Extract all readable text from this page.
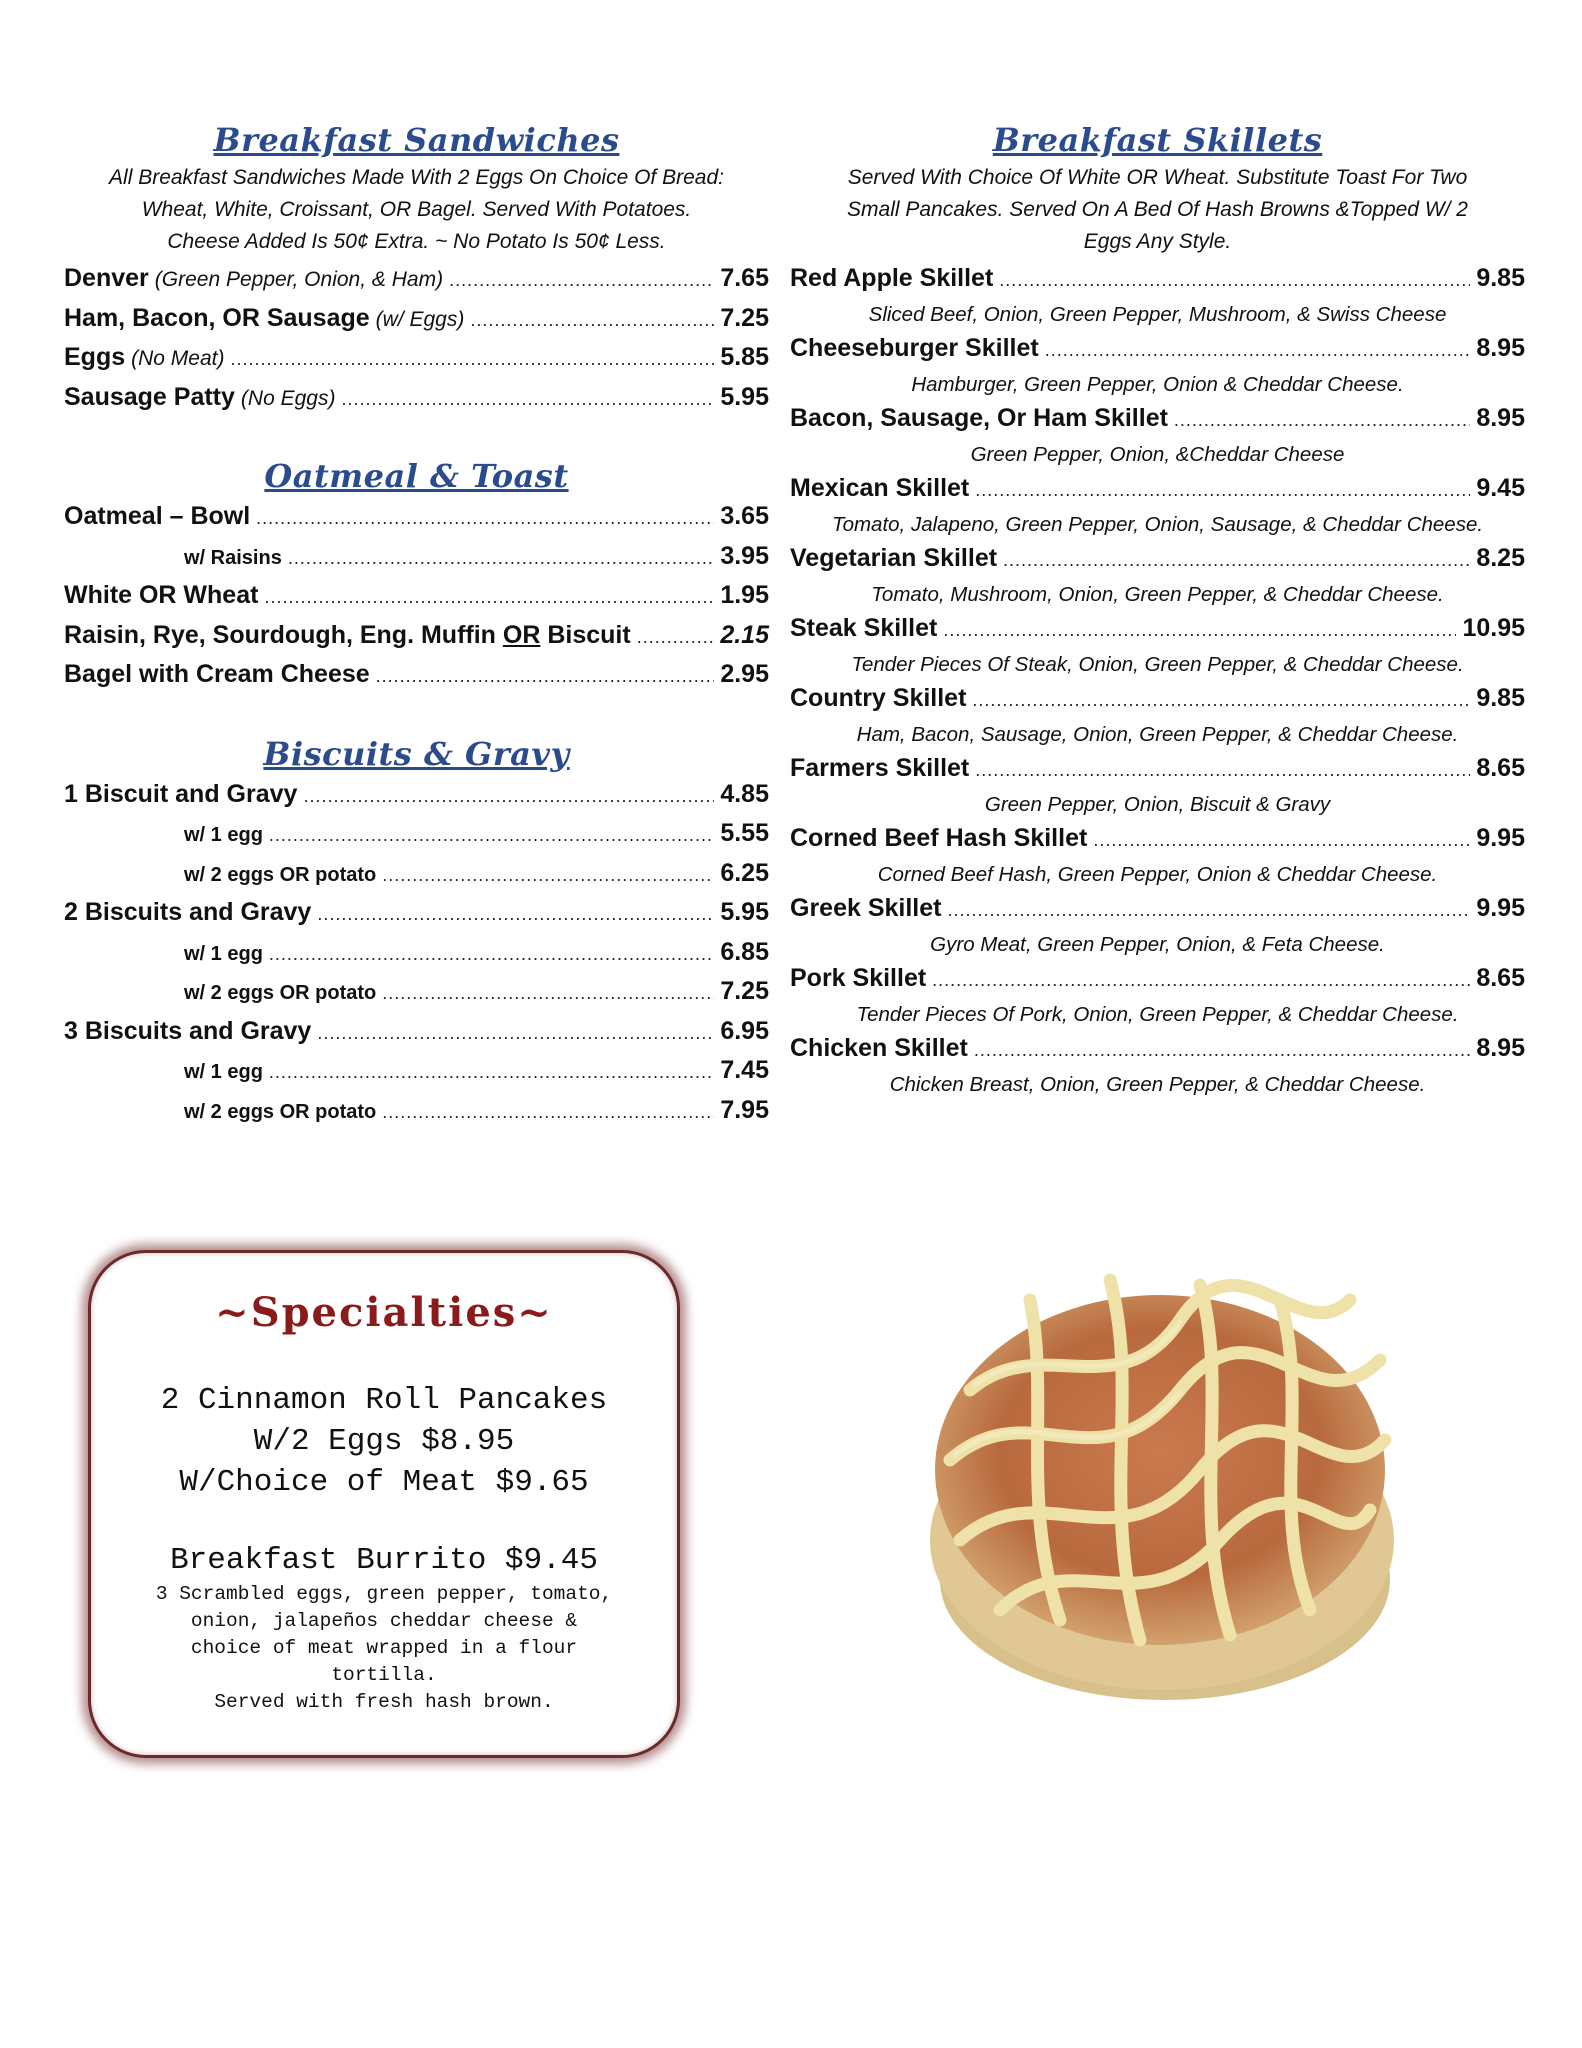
Breakfast Sandwiches

All Breakfast Sandwiches Made With 2 Eggs On Choice Of Bread:
Wheat, White, Croissant, OR Bagel. Served With Potatoes.
Cheese Added Is 50¢ Extra. ~ No Potato Is 50¢ Less.

Denver (Green Pepper, Onion, & Ham) .....	7.65
Ham, Bacon, OR Sausage (w/ Eggs) .....	7.25
Eggs (No Meat) .....	5.85
Sausage Patty (No Eggs) .....	5.95
Oatmeal & Toast
Oatmeal – Bowl .....	3.65
w/ Raisins .....	3.95
White OR Wheat .....	1.95
Raisin, Rye, Sourdough, Eng. Muffin OR Biscuit .....	2.15
Bagel with Cream Cheese .....	2.95
Biscuits & Gravy
1 Biscuit and Gravy .....	4.85
w/ 1 egg .....	5.55
w/ 2 eggs OR potato .....	6.25
2 Biscuits and Gravy .....	5.95
w/ 1 egg .....	6.85
w/ 2 eggs OR potato .....	7.25
3 Biscuits and Gravy .....	6.95
w/ 1 egg .....	7.45
w/ 2 eggs OR potato .....	7.95
Breakfast Skillets

Served With Choice Of White OR Wheat. Substitute Toast For Two
Small Pancakes. Served On A Bed Of Hash Browns &Topped W/ 2
Eggs Any Style.

Red Apple Skillet .....	9.85
Sliced Beef, Onion, Green Pepper, Mushroom, & Swiss Cheese
Cheeseburger Skillet .....	8.95
Hamburger, Green Pepper, Onion & Cheddar Cheese.
Bacon, Sausage, Or Ham Skillet .....	8.95
Green Pepper, Onion, &Cheddar Cheese
Mexican Skillet .....	9.45
Tomato, Jalapeno, Green Pepper, Onion, Sausage, & Cheddar Cheese.
Vegetarian Skillet .....	8.25
Tomato, Mushroom, Onion, Green Pepper, & Cheddar Cheese.
Steak Skillet .....	10.95
Tender Pieces Of Steak, Onion, Green Pepper, & Cheddar Cheese.
Country Skillet .....	9.85
Ham, Bacon, Sausage, Onion, Green Pepper, & Cheddar Cheese.
Farmers Skillet .....	8.65
Green Pepper, Onion, Biscuit & Gravy
Corned Beef Hash Skillet .....	9.95
Corned Beef Hash, Green Pepper, Onion & Cheddar Cheese.
Greek Skillet .....	9.95
Gyro Meat, Green Pepper, Onion, & Feta Cheese.
Pork Skillet .....	8.65
Tender Pieces Of Pork, Onion, Green Pepper, & Cheddar Cheese.
Chicken Skillet .....	8.95
Chicken Breast, Onion, Green Pepper, & Cheddar Cheese.
~Specialties~
2 Cinnamon Roll Pancakes
W/2 Eggs $8.95
W/Choice of Meat $9.65
Breakfast Burrito $9.45
3 Scrambled eggs, green pepper, tomato,
onion, jalapeños cheddar cheese &
choice of meat wrapped in a flour
tortilla.
Served with fresh hash brown.
